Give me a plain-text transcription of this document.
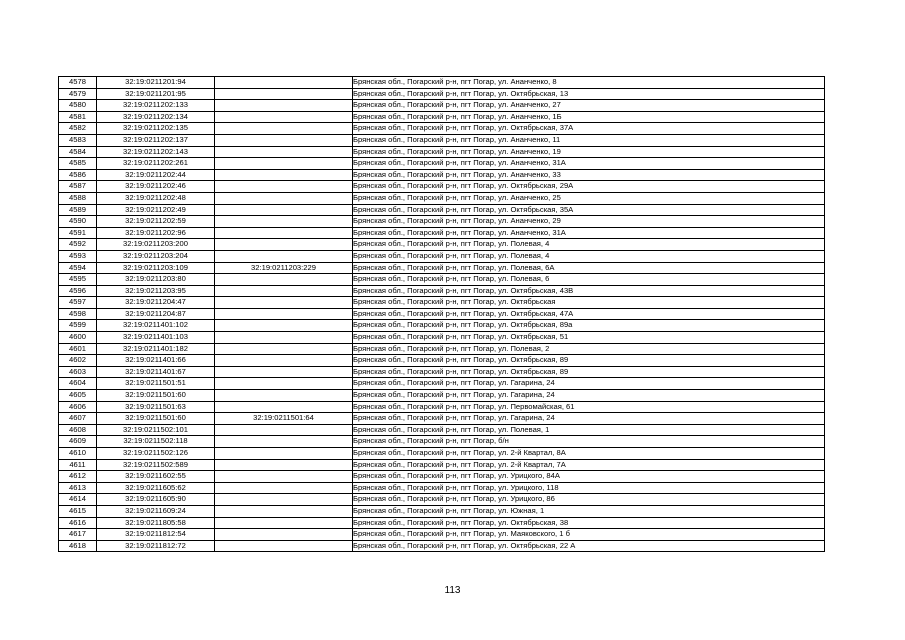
4578	32:19:0211201:94		Брянская обл., Погарский р-н, пгт Погар, ул. Ананченко, 8
4579	32:19:0211201:95		Брянская обл., Погарский р-н, пгт Погар, ул. Октябрьская, 13
4580	32:19:0211202:133		Брянская обл., Погарский р-н, пгт Погар, ул. Ананченко, 27
4581	32:19:0211202:134		Брянская обл., Погарский р-н, пгт Погар, ул. Ананченко, 1Б
4582	32:19:0211202:135		Брянская обл., Погарский р-н, пгт Погар, ул. Октябрьская, 37А
4583	32:19:0211202:137		Брянская обл., Погарский р-н, пгт Погар, ул. Ананченко, 11
4584	32:19:0211202:143		Брянская обл., Погарский р-н, пгт Погар, ул. Ананченко, 19
4585	32:19:0211202:261		Брянская обл., Погарский р-н, пгт Погар, ул. Ананченко, 31А
4586	32:19:0211202:44		Брянская обл., Погарский р-н, пгт Погар, ул. Ананченко, 33
4587	32:19:0211202:46		Брянская обл., Погарский р-н, пгт Погар, ул. Октябрьская, 29А
4588	32:19:0211202:48		Брянская обл., Погарский р-н, пгт Погар, ул. Ананченко, 25
4589	32:19:0211202:49		Брянская обл., Погарский р-н, пгт Погар, ул. Октябрьская, 35А
4590	32:19:0211202:59		Брянская обл., Погарский р-н, пгт Погар, ул. Ананченко, 29
4591	32:19:0211202:96		Брянская обл., Погарский р-н, пгт Погар, ул. Ананченко, 31А
4592	32:19:0211203:200		Брянская обл., Погарский р-н, пгт Погар, ул. Полевая, 4
4593	32:19:0211203:204		Брянская обл., Погарский р-н, пгт Погар, ул. Полевая, 4
4594	32:19:0211203:109	32:19:0211203:229	Брянская обл., Погарский р-н, пгт Погар, ул. Полевая, 6А
4595	32:19:0211203:80		Брянская обл., Погарский р-н, пгт Погар, ул. Полевая, 6
4596	32:19:0211203:95		Брянская обл., Погарский р-н, пгт Погар, ул. Октябрьская, 43В
4597	32:19:0211204:47		Брянская обл., Погарский р-н, пгт Погар, ул. Октябрьская
4598	32:19:0211204:87		Брянская обл., Погарский р-н, пгт Погар, ул. Октябрьская, 47А
4599	32:19:0211401:102		Брянская обл., Погарский р-н, пгт Погар, ул. Октябрьская, 89а
4600	32:19:0211401:103		Брянская обл., Погарский р-н, пгт Погар, ул. Октябрьская, 51
4601	32:19:0211401:182		Брянская обл., Погарский р-н, пгт Погар, ул. Полевая, 2
4602	32:19:0211401:66		Брянская обл., Погарский р-н, пгт Погар, ул. Октябрьская, 89
4603	32:19:0211401:67		Брянская обл., Погарский р-н, пгт Погар, ул. Октябрьская, 89
4604	32:19:0211501:51		Брянская обл., Погарский р-н, пгт Погар, ул. Гагарина, 24
4605	32:19:0211501:60		Брянская обл., Погарский р-н, пгт Погар, ул. Гагарина, 24
4606	32:19:0211501:63		Брянская обл., Погарский р-н, пгт Погар, ул. Первомайская, 61
4607	32:19:0211501:60	32:19:0211501:64	Брянская обл., Погарский р-н, пгт Погар, ул. Гагарина, 24
4608	32:19:0211502:101		Брянская обл., Погарский р-н, пгт Погар, ул. Полевая, 1
4609	32:19:0211502:118		Брянская обл., Погарский р-н, пгт Погар, б/н
4610	32:19:0211502:126		Брянская обл., Погарский р-н, пгт Погар, ул. 2-й Квартал, 8А
4611	32:19:0211502:589		Брянская обл., Погарский р-н, пгт Погар, ул. 2-й Квартал, 7А
4612	32:19:0211602:55		Брянская обл., Погарский р-н, пгт Погар, ул. Урицкого, 84А
4613	32:19:0211605:62		Брянская обл., Погарский р-н, пгт Погар, ул. Урицкого, 118
4614	32:19:0211605:90		Брянская обл., Погарский р-н, пгт Погар, ул. Урицкого, 86
4615	32:19:0211609:24		Брянская обл., Погарский р-н, пгт Погар, ул. Южная, 1
4616	32:19:0211805:58		Брянская обл., Погарский р-н, пгт Погар, ул. Октябрьская, 38
4617	32:19:0211812:54		Брянская обл., Погарский р-н, пгт Погар, ул. Маяковского, 1 б
4618	32:19:0211812:72		Брянская обл., Погарский р-н, пгт Погар, ул. Октябрьская, 22 А
113
